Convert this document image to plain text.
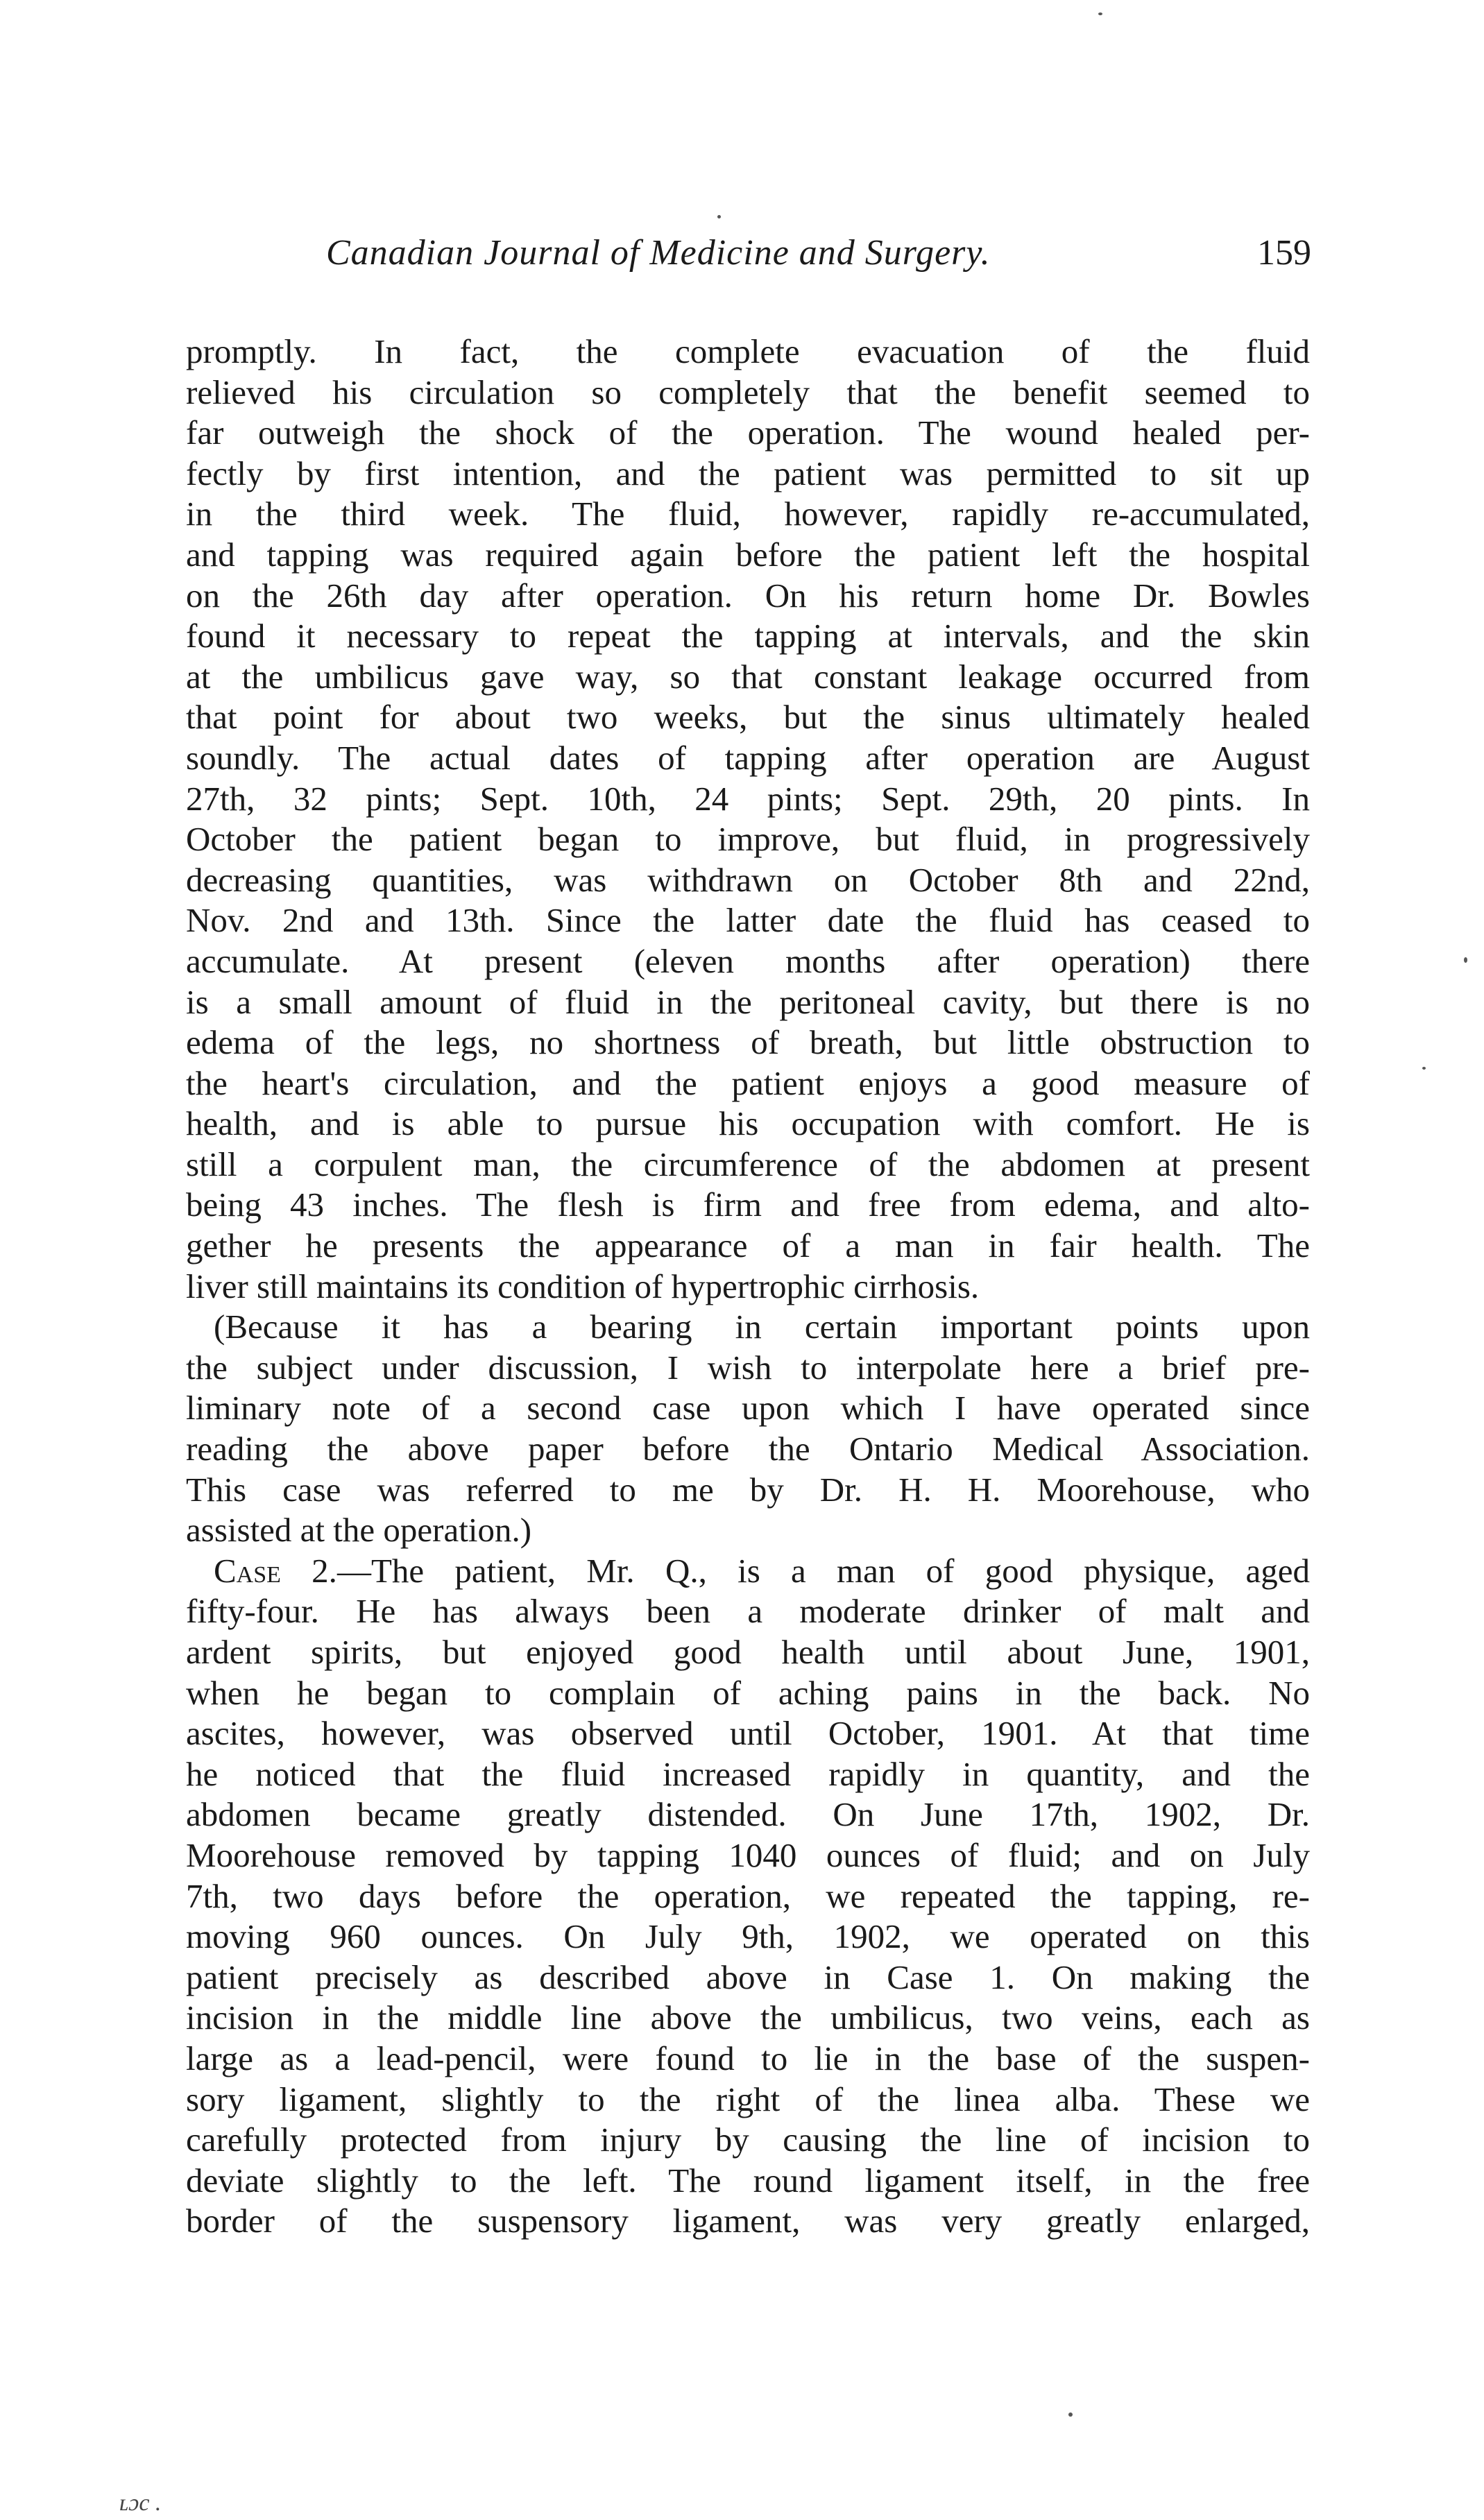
Canadian Journal of Medicine and Surgery.	159
promptly. In fact, the complete evacuation of the fluid
relieved his circulation so completely that the benefit seemed to
far outweigh the shock of the operation. The wound healed per-
fectly by first intention, and the patient was permitted to sit up
in the third week. The fluid, however, rapidly re-accumulated,
and tapping was required again before the patient left the hospital
on the 26th day after operation. On his return home Dr. Bowles
found it necessary to repeat the tapping at intervals, and the skin
at the umbilicus gave way, so that constant leakage occurred from
that point for about two weeks, but the sinus ultimately healed
soundly. The actual dates of tapping after operation are August
27th, 32 pints; Sept. 10th, 24 pints; Sept. 29th, 20 pints. In
October the patient began to improve, but fluid, in progressively
decreasing quantities, was withdrawn on October 8th and 22nd,
Nov. 2nd and 13th. Since the latter date the fluid has ceased to
accumulate. At present (eleven months after operation) there
is a small amount of fluid in the peritoneal cavity, but there is no
edema of the legs, no shortness of breath, but little obstruction to
the heart's circulation, and the patient enjoys a good measure of
health, and is able to pursue his occupation with comfort. He is
still a corpulent man, the circumference of the abdomen at present
being 43 inches. The flesh is firm and free from edema, and alto-
gether he presents the appearance of a man in fair health. The
liver still maintains its condition of hypertrophic cirrhosis.
(Because it has a bearing in certain important points upon
the subject under discussion, I wish to interpolate here a brief pre-
liminary note of a second case upon which I have operated since
reading the above paper before the Ontario Medical Association.
This case was referred to me by Dr. H. H. Moorehouse, who
assisted at the operation.)
Case 2.—The patient, Mr. Q., is a man of good physique, aged
fifty-four. He has always been a moderate drinker of malt and
ardent spirits, but enjoyed good health until about June, 1901,
when he began to complain of aching pains in the back. No
ascites, however, was observed until October, 1901. At that time
he noticed that the fluid increased rapidly in quantity, and the
abdomen became greatly distended. On June 17th, 1902, Dr.
Moorehouse removed by tapping 1040 ounces of fluid; and on July
7th, two days before the operation, we repeated the tapping, re-
moving 960 ounces. On July 9th, 1902, we operated on this
patient precisely as described above in Case 1. On making the
incision in the middle line above the umbilicus, two veins, each as
large as a lead-pencil, were found to lie in the base of the suspen-
sory ligament, slightly to the right of the linea alba. These we
carefully protected from injury by causing the line of incision to
deviate slightly to the left. The round ligament itself, in the free
border of the suspensory ligament, was very greatly enlarged,
ʟɔc .
